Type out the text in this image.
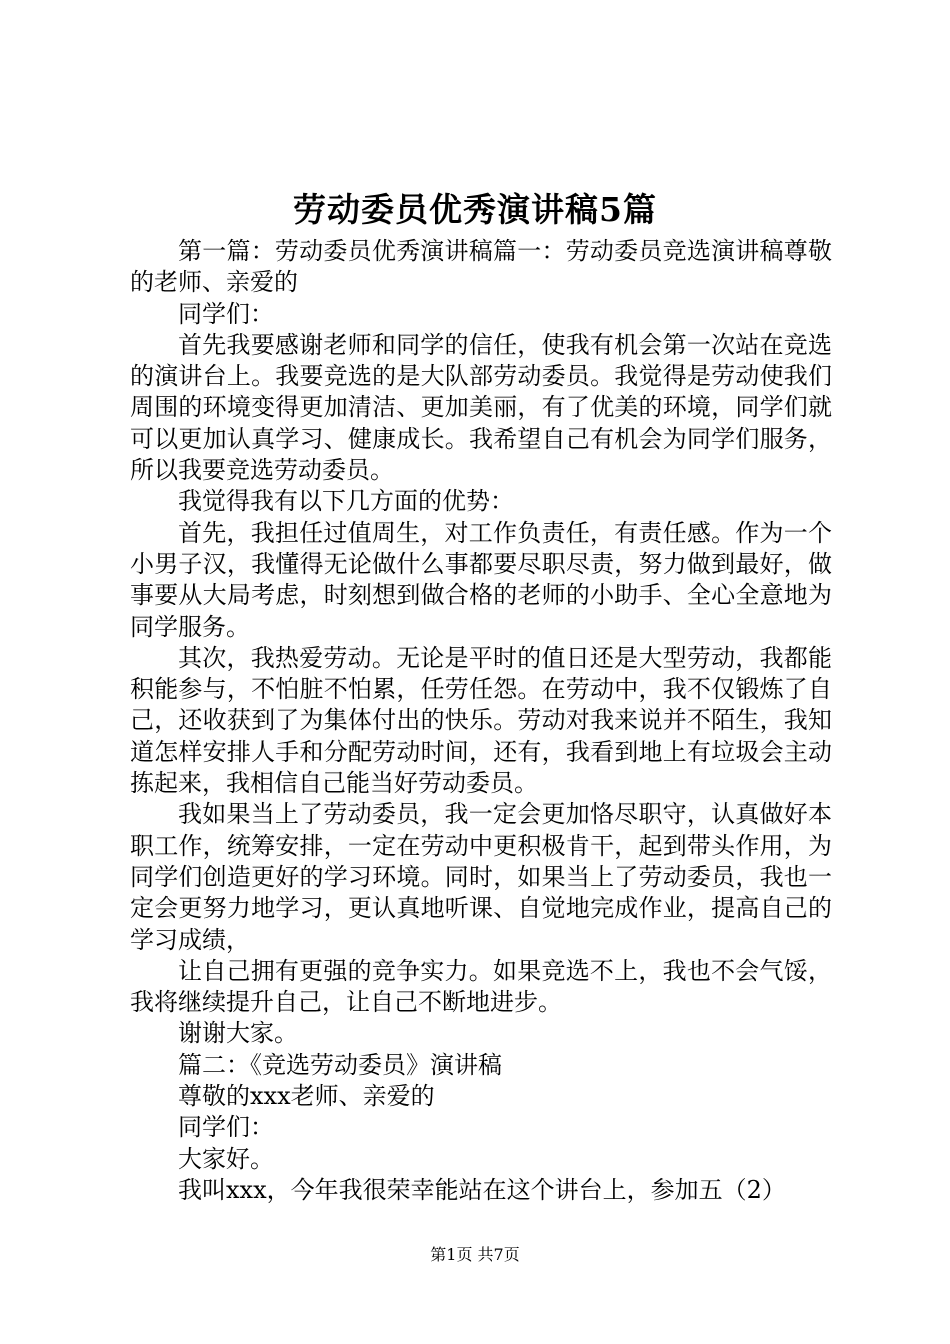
劳动委员优秀演讲稿5篇

第一篇：劳动委员优秀演讲稿篇一：劳动委员竞选演讲稿尊敬的老师、亲爱的

同学们：

首先我要感谢老师和同学的信任，使我有机会第一次站在竞选的演讲台上。我要竞选的是大队部劳动委员。我觉得是劳动使我们周围的环境变得更加清洁、更加美丽，有了优美的环境，同学们就可以更加认真学习、健康成长。我希望自己有机会为同学们服务，所以我要竞选劳动委员。

我觉得我有以下几方面的优势：

首先，我担任过值周生，对工作负责任，有责任感。作为一个小男子汉，我懂得无论做什么事都要尽职尽责，努力做到最好，做事要从大局考虑，时刻想到做合格的老师的小助手、全心全意地为同学服务。

其次，我热爱劳动。无论是平时的值日还是大型劳动，我都能积能参与，不怕脏不怕累，任劳任怨。在劳动中，我不仅锻炼了自己，还收获到了为集体付出的快乐。劳动对我来说并不陌生，我知道怎样安排人手和分配劳动时间，还有，我看到地上有垃圾会主动拣起来，我相信自己能当好劳动委员。

我如果当上了劳动委员，我一定会更加恪尽职守，认真做好本职工作，统筹安排，一定在劳动中更积极肯干，起到带头作用，为同学们创造更好的学习环境。同时，如果当上了劳动委员，我也一定会更努力地学习，更认真地听课、自觉地完成作业，提高自己的学习成绩，

让自己拥有更强的竞争实力。如果竞选不上，我也不会气馁，我将继续提升自己，让自己不断地进步。

谢谢大家。

篇二：《竞选劳动委员》演讲稿

尊敬的xxx老师、亲爱的

同学们：

大家好。

我叫xxx，今年我很荣幸能站在这个讲台上，参加五（2）

第1页 共7页
